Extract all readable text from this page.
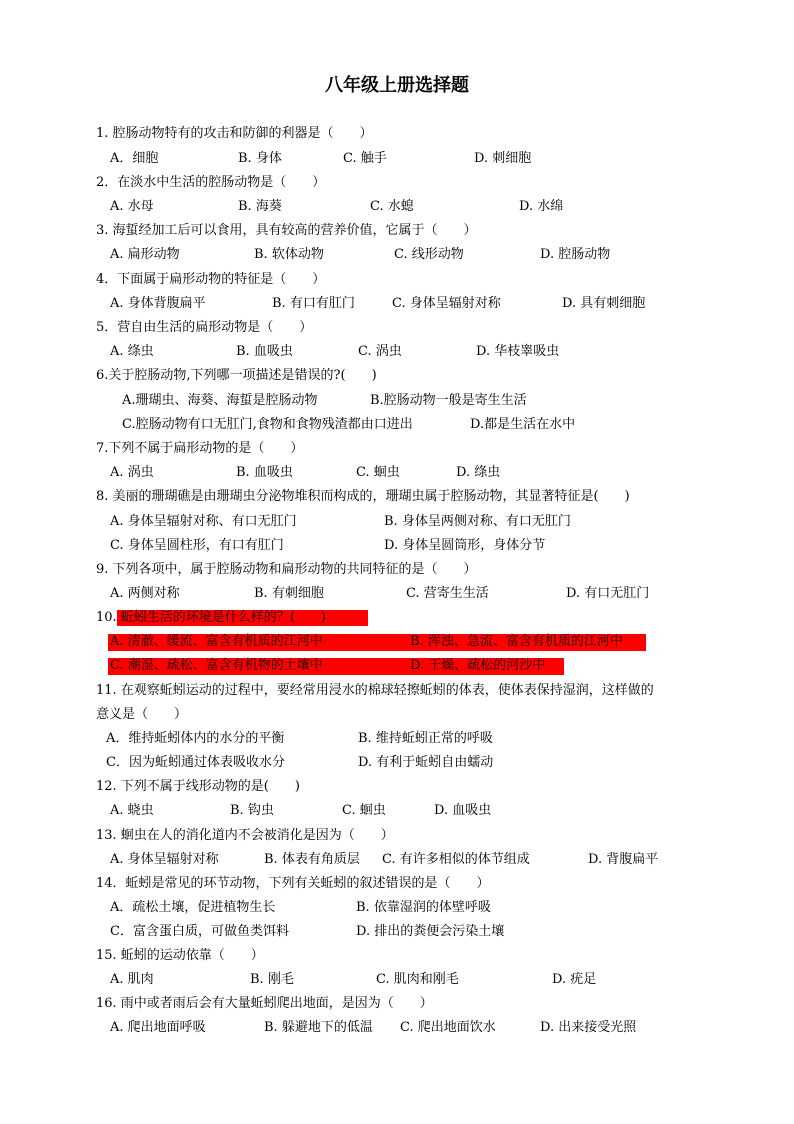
八年级上册选择题
1. 腔肠动物特有的攻击和防御的利器是（　　）
A．细胞	B. 身体	C. 触手	D. 刺细胞
2．在淡水中生活的腔肠动物是（　　）
A. 水母	B. 海葵	C. 水螅	D. 水绵
3. 海蜇经加工后可以食用，具有较高的营养价值，它属于（　　）
A. 扁形动物	B. 软体动物	C. 线形动物	D. 腔肠动物
4．下面属于扁形动物的特征是（　　）
A. 身体背腹扁平	B. 有口有肛门	C. 身体呈辐射对称	D. 具有刺细胞
5．营自由生活的扁形动物是（　　）
A. 绦虫	B. 血吸虫	C. 涡虫	D. 华枝睾吸虫
6.关于腔肠动物,下列哪一项描述是错误的?(　　)
A.珊瑚虫、海葵、海蜇是腔肠动物	B.腔肠动物一般是寄生生活
C.腔肠动物有口无肛门,食物和食物残渣都由口进出	D.都是生活在水中
7.下列不属于扁形动物的是（　　）
A. 涡虫	B. 血吸虫	C. 蛔虫	D. 绦虫
8. 美丽的珊瑚礁是由珊瑚虫分泌物堆积而构成的，珊瑚虫属于腔肠动物，其显著特征是(　　)
A. 身体呈辐射对称、有口无肛门	B. 身体呈两侧对称、有口无肛门
C. 身体呈圆柱形，有口有肛门	D. 身体呈圆筒形，身体分节
9. 下列各项中，属于腔肠动物和扁形动物的共同特征的是（　　）
A. 两侧对称	B. 有刺细胞	C. 营寄生生活	D. 有口无肛门
10. 蚯蚓生活的环境是什么样的？(　　)
A. 清澈、缓流、富含有机质的江河中	B. 浑浊、急流、富含有机质的江河中
C. 潮湿、疏松、富含有机物的土壤中	D. 干燥、疏松的河沙中
11. 在观察蚯蚓运动的过程中，要经常用浸水的棉球轻擦蚯蚓的体表，使体表保持湿润，这样做的
意义是（　　）
A．维持蚯蚓体内的水分的平衡	B. 维持蚯蚓正常的呼吸
C．因为蚯蚓通过体表吸收水分	D. 有利于蚯蚓自由蠕动
12. 下列不属于线形动物的是(　　)
A. 蛲虫	B. 钩虫	C. 蛔虫	D. 血吸虫
13. 蛔虫在人的消化道内不会被消化是因为（　　）
A. 身体呈辐射对称	B. 体表有角质层 C. 有许多相似的体节组成	D. 背腹扁平
14．蚯蚓是常见的环节动物，下列有关蚯蚓的叙述错误的是（　　）
A．疏松土壤，促进植物生长	B. 依靠湿润的体壁呼吸
C．富含蛋白质，可做鱼类饵料	D. 排出的粪便会污染土壤
15. 蚯蚓的运动依靠（　　）
A. 肌肉	B. 刚毛	C. 肌肉和刚毛	D. 疣足
16. 雨中或者雨后会有大量蚯蚓爬出地面，是因为（　　）
A. 爬出地面呼吸	B. 躲避地下的低温 C. 爬出地面饮水	D. 出来接受光照
